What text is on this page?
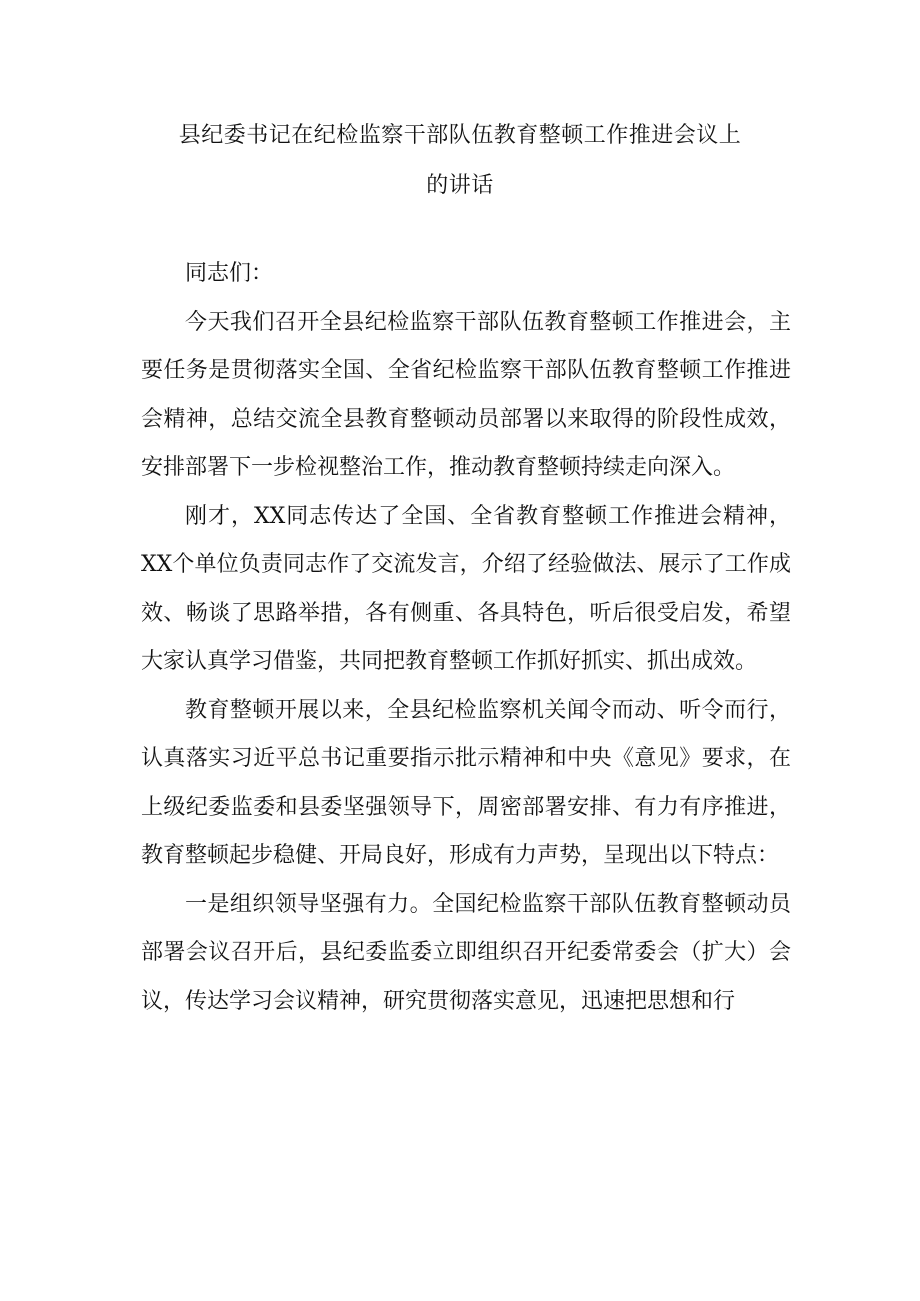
县纪委书记在纪检监察干部队伍教育整顿工作推进会议上
的讲话

同志们：

今天我们召开全县纪检监察干部队伍教育整顿工作推进会，主要任务是贯彻落实全国、全省纪检监察干部队伍教育整顿工作推进会精神，总结交流全县教育整顿动员部署以来取得的阶段性成效，安排部署下一步检视整治工作，推动教育整顿持续走向深入。

刚才，XX同志传达了全国、全省教育整顿工作推进会精神，XX个单位负责同志作了交流发言，介绍了经验做法、展示了工作成效、畅谈了思路举措，各有侧重、各具特色，听后很受启发，希望大家认真学习借鉴，共同把教育整顿工作抓好抓实、抓出成效。

教育整顿开展以来，全县纪检监察机关闻令而动、听令而行，认真落实习近平总书记重要指示批示精神和中央《意见》要求，在上级纪委监委和县委坚强领导下，周密部署安排、有力有序推进，教育整顿起步稳健、开局良好，形成有力声势，呈现出以下特点：

一是组织领导坚强有力。全国纪检监察干部队伍教育整顿动员部署会议召开后，县纪委监委立即组织召开纪委常委会（扩大）会议，传达学习会议精神，研究贯彻落实意见，迅速把思想和行
